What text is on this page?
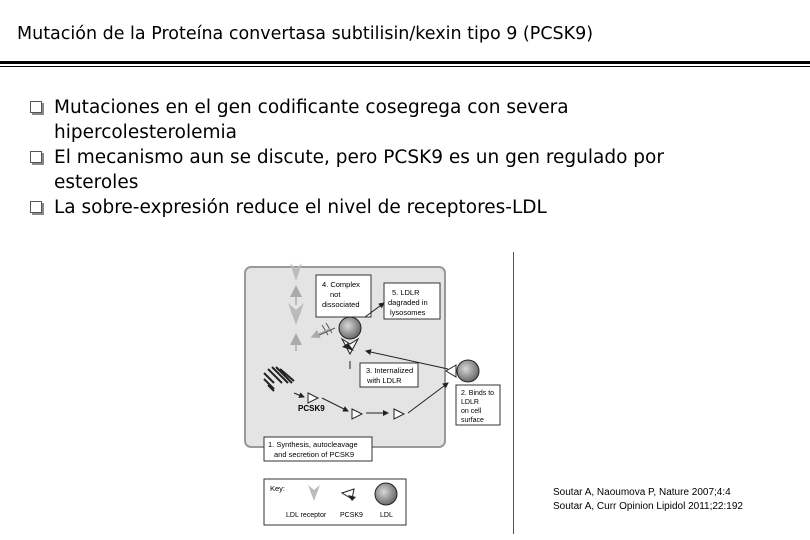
Mutación de la Proteína convertasa subtilisin/kexin tipo 9 (PCSK9)
Mutaciones en el gen codificante cosegrega con severa
hipercolesterolemia
El mecanismo aun se discute, pero PCSK9 es un gen regulado por
esteroles
La sobre-expresión reduce el nivel de receptores-LDL
4. Complex
not
dissociated
5. LDLR
dagraded in
lysosomes
3. Internalized
with LDLR
2. Binds to
LDLR
on cell
surface
PCSK9
1. Synthesis, autocleavage
and secretion of PCSK9
Key:
LDL receptor PCSK9 LDL
Soutar A, Naoumova P, Nature 2007;4:4
Soutar A, Curr Opinion Lipidol 2011;22:192
